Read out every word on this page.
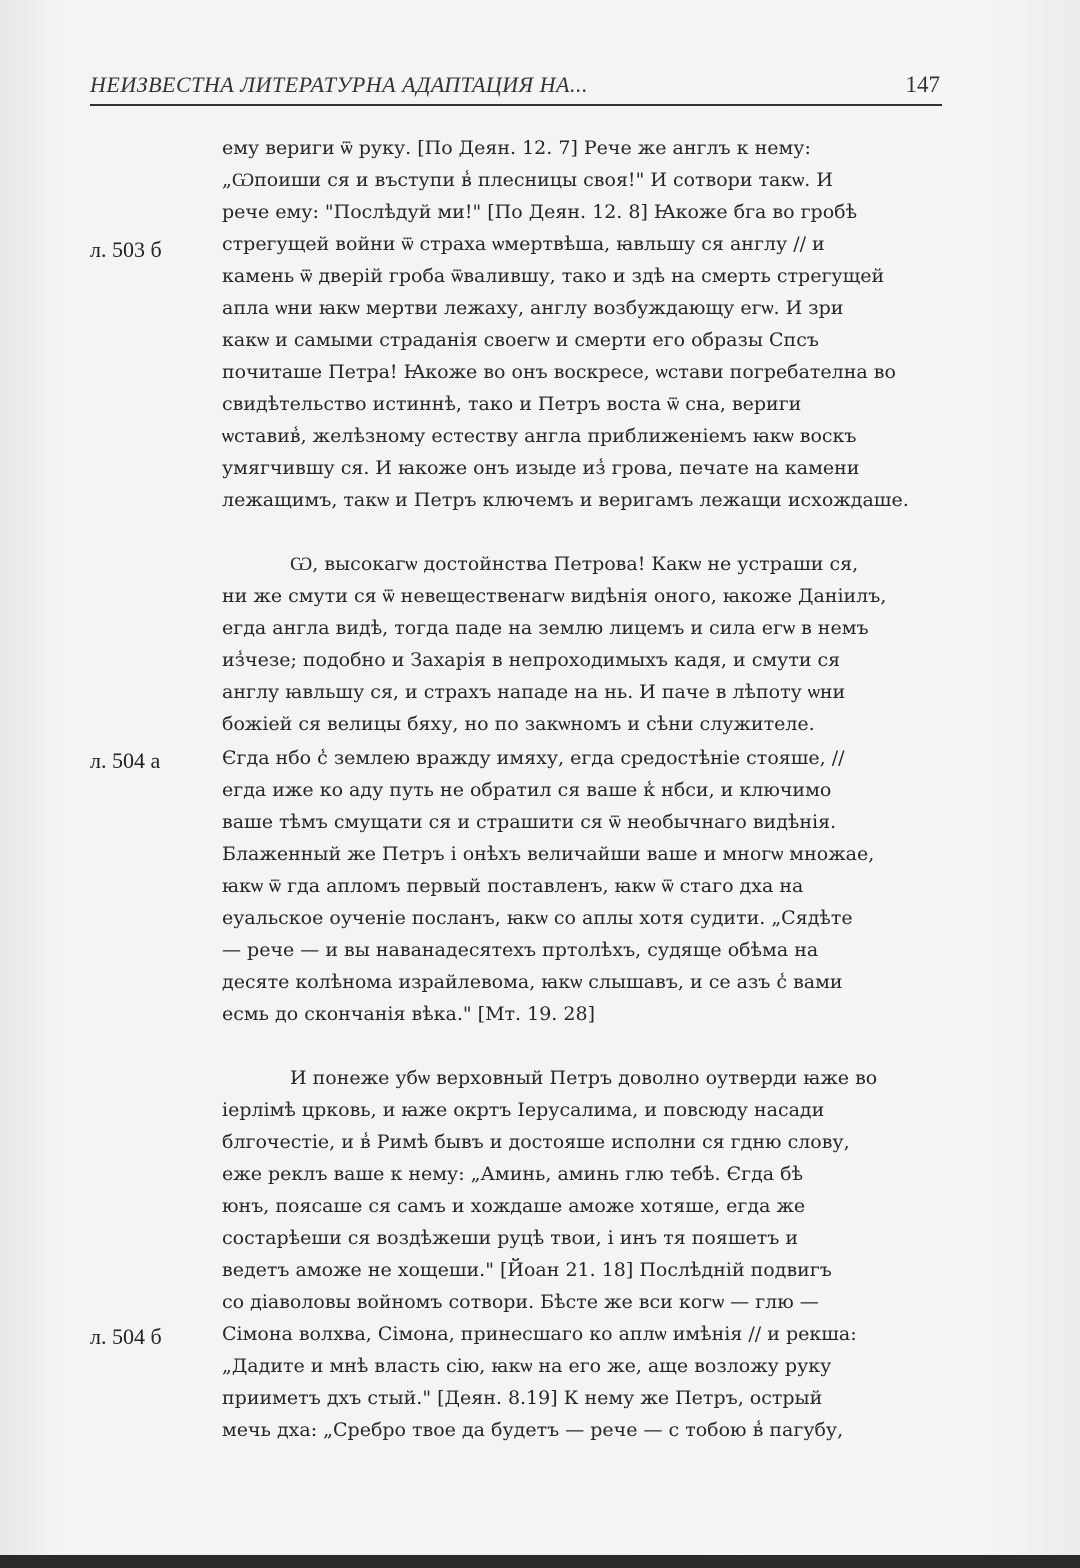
НЕИЗВЕСТНА ЛИТЕРАТУРНА АДАПТАЦИЯ НА...	147
л. 503 б
л. 504 а
л. 504 б
ему вериги ѿ руку. [По Деян. 12. 7] Рече же англъ к нему:
„Ѡпоиши ся и въступи в̾ плесницы своя!" И сотвори такѡ. И
рече ему: "Послѣдуй ми!" [По Деян. 12. 8] Ꙗкоже бга во гробѣ
стрегущей войни ѿ страха ѡмертвѣша, ꙗвльшу ся англу // и
камень ѿ двеpiй гроба ѿвалившу, тако и здѣ на смерть стрегущей
апла ѡни ꙗкѡ мертви лежаху, англу возбуждающу егѡ. И зри
какѡ и самыми страданiя своегѡ и смерти его образы Спсъ
почиташе Петра! Ꙗкоже во онъ воскресе, ѡстави погребателна во
свидѣтельство истиннѣ, тако и Петръ воста ѿ сна, вериги
ѡставив̾, желѣзному естеству англа приближенiемъ ꙗкѡ воскъ
умягчившу ся. И ꙗкоже онъ изыде из̾ грова, печате на камени
лежащимъ, такѡ и Петръ ключемъ и веригамъ лежащи исхождаше.
Ѡ, высокагѡ достойнства Петрова! Какѡ не устраши ся,
ни же смути ся ѿ невещественагѡ видѣнiя оного, ꙗкоже Данiилъ,
егда англа видѣ, тогда паде на землю лицемъ и сила егѡ в немъ
из̾чезе; подобно и Захарiя в непроходимыхъ кадя, и смути ся
англу ꙗвльшу ся, и страхъ нападе на нь. И паче в лѣпоту ѡни
божiей ся велицы бяху, но по закѡномъ и сѣни служителе.
Єгда нбо с̾ землею вражду имяху, егда средостѣнiе стояше, //
егда иже ко аду путь не обратил ся ваше к̾ нбси, и ключимо
ваше тѣмъ смущати ся и страшити ся ѿ необычнаго видѣнiя.
Блаженный же Петръ і онѣхъ величайши ваше и многѡ множае,
ꙗкѡ ѿ гда апломъ первый поставленъ, ꙗкѡ ѿ стаго дха на
еуальское оученiе посланъ, ꙗкѡ со аплы хотя судити. „Сядѣте
— рече — и вы наванадесятехъ пртолѣхъ, судяще обѣма на
десяте колѣнома израйлевома, ꙗкѡ слышавъ, и се азъ с̾ вами
есмь до скончанiя вѣка." [Мт. 19. 28]
И понеже убѡ верховный Петръ доволно оутверди ꙗже во
iерлiмѣ црковь, и ꙗже окртъ Iерусалима, и повсюду насади
блгочестiе, и в̾ Римѣ бывъ и достояше исполни ся гдню слову,
еже реклъ ваше к нему: „Аминь, аминь глю тебѣ. Єгда бѣ
юнъ, поясаше ся самъ и хождаше аможе хотяше, егда же
состарѣеши ся воздѣжеши руцѣ твои, і инъ тя пояшетъ и
ведетъ аможе не хощеши." [Йоан 21. 18] Послѣднiй подвигъ
со дiаволовы войномъ сотвори. Бѣсте же вси когѡ — глю —
Сiмона волхва, Сiмона, принесшаго ко аплѡ имѣнiя // и рекша:
„Дадите и мнѣ власть сiю, ꙗкѡ на его же, аще возложу руку
прииметъ дхъ стый." [Деян. 8.19] К нему же Петръ, острый
мечь дха: „Сребро твое да будетъ — рече — с тобою в̾ пагубу,
